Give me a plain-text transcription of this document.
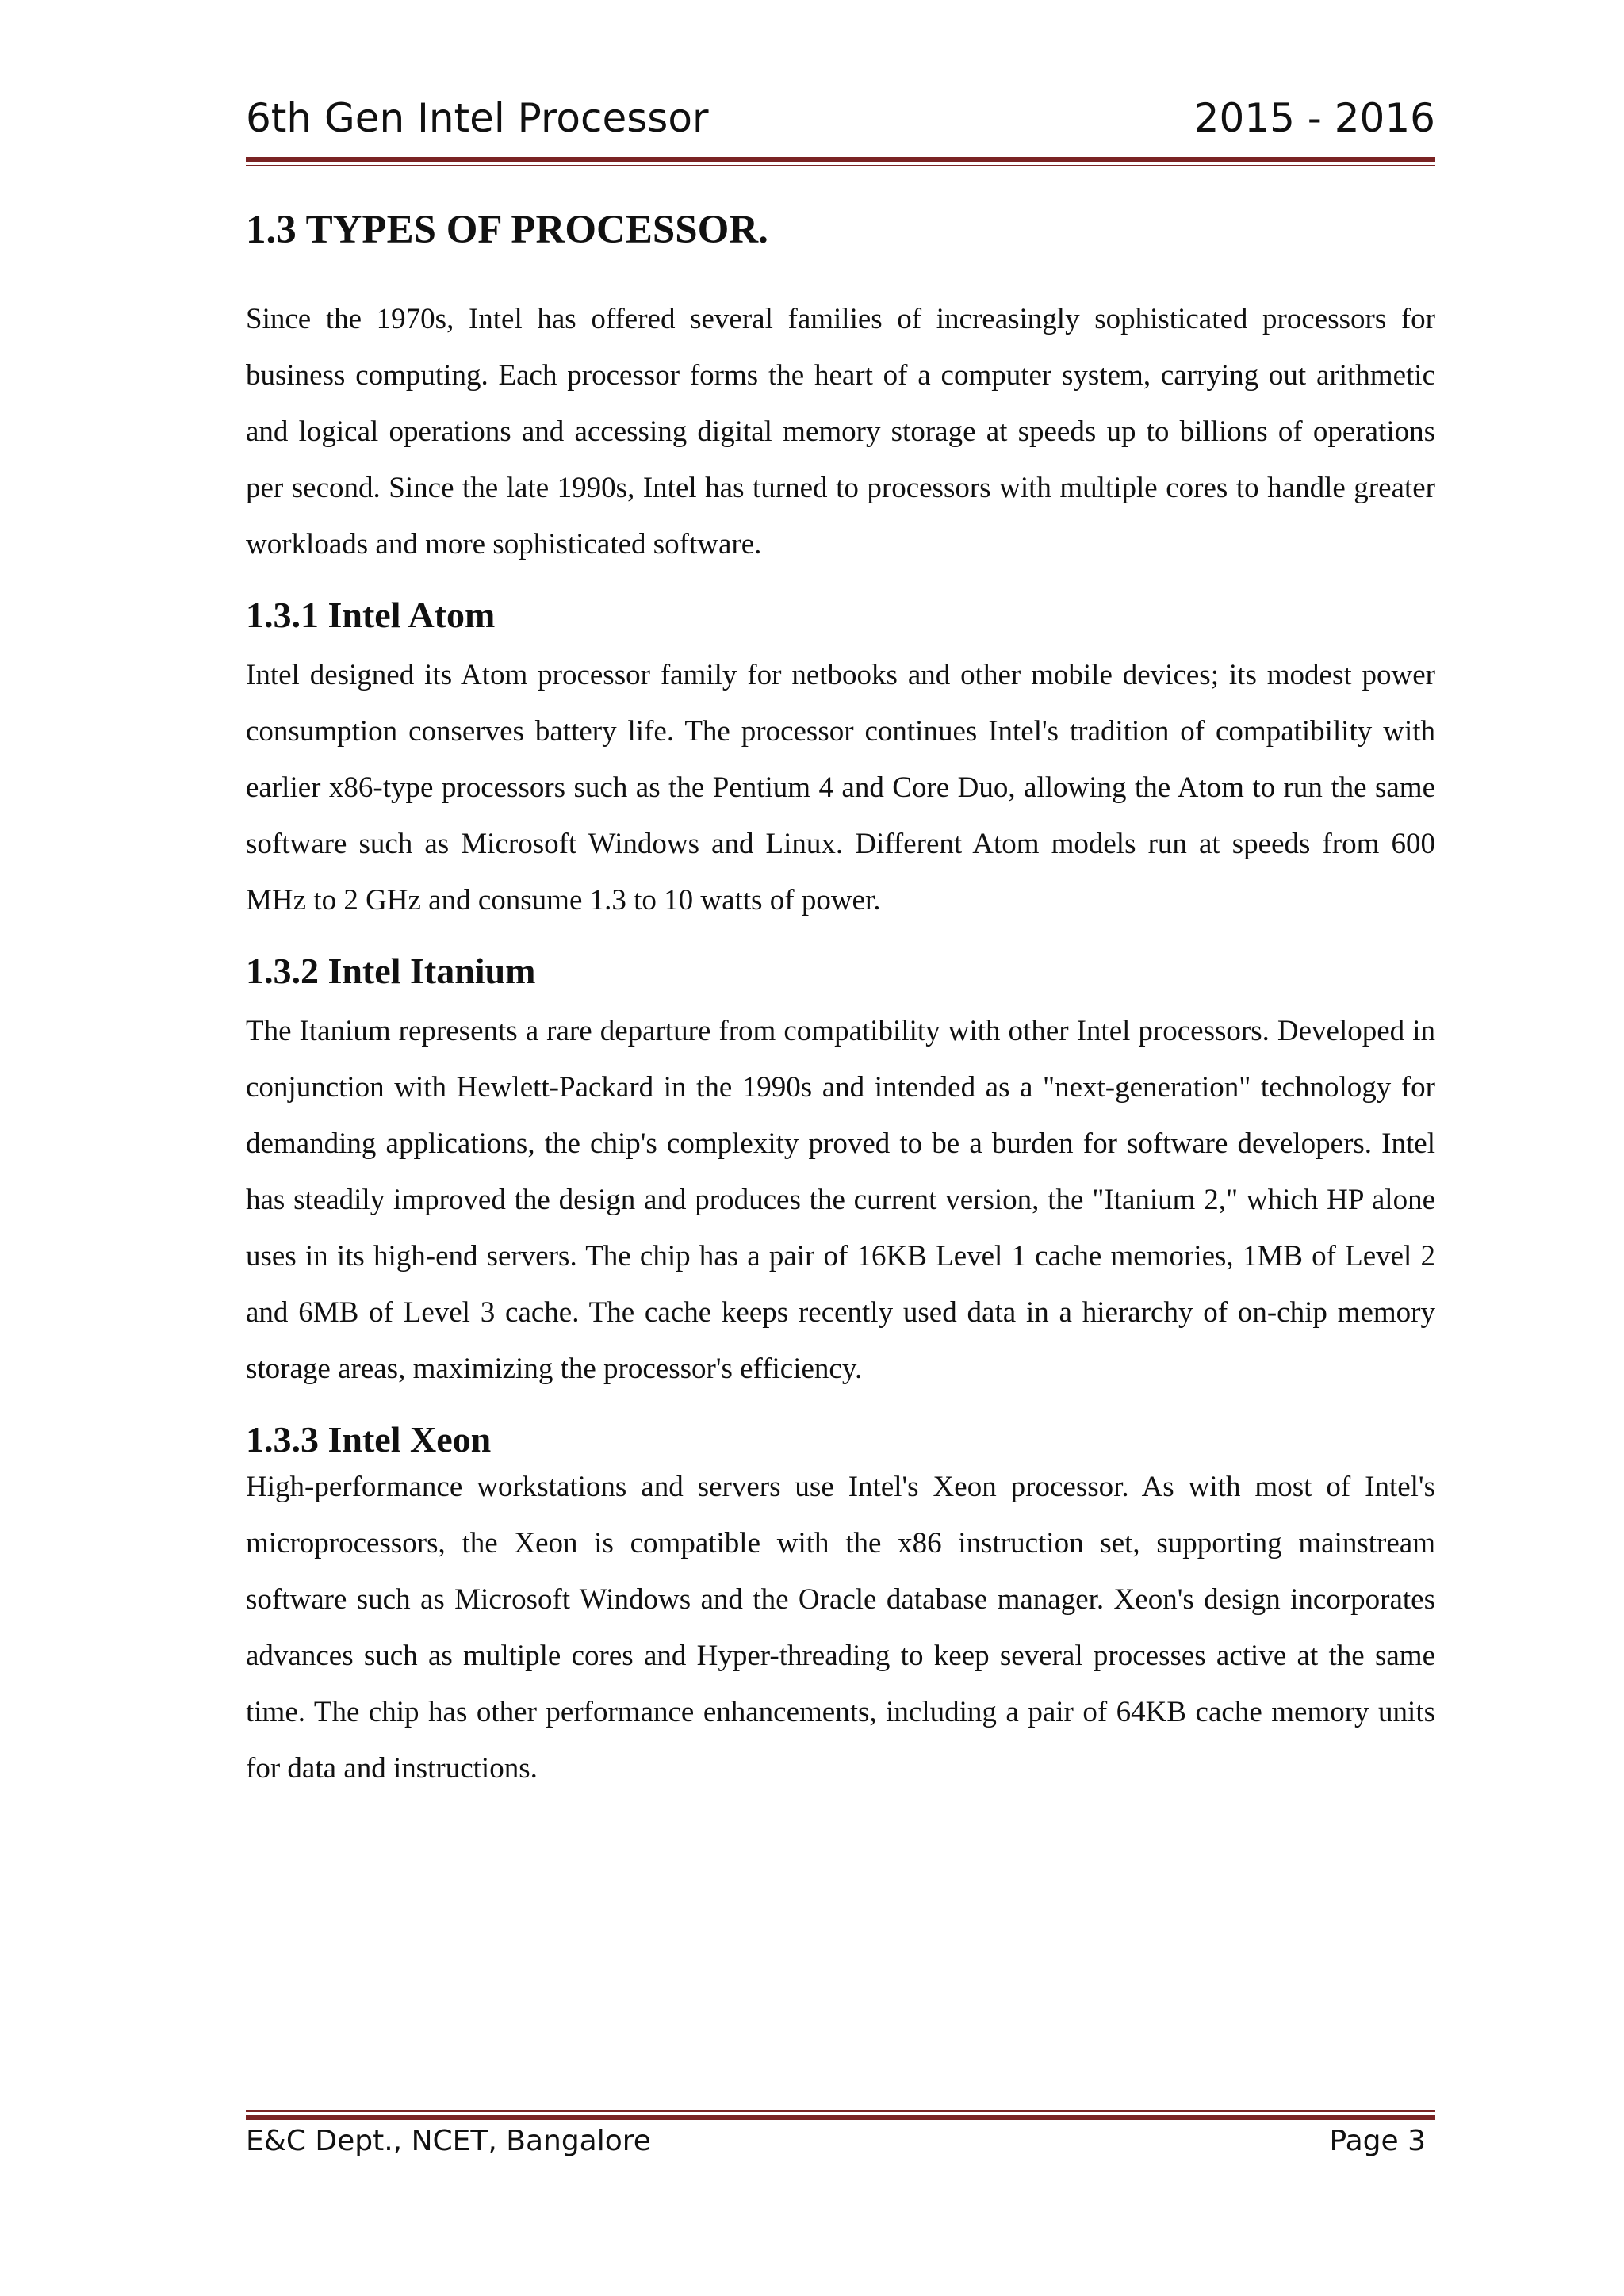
6th Gen Intel Processor	2015 - 2016
1.3 TYPES OF PROCESSOR.

Since the 1970s, Intel has offered several families of increasingly sophisticated processors for business computing. Each processor forms the heart of a computer system, carrying out arithmetic and logical operations and accessing digital memory storage at speeds up to billions of operations per second. Since the late 1990s, Intel has turned to processors with multiple cores to handle greater workloads and more sophisticated software.

1.3.1 Intel Atom

Intel designed its Atom processor family for netbooks and other mobile devices; its modest power consumption conserves battery life. The processor continues Intel's tradition of compatibility with earlier x86-type processors such as the Pentium 4 and Core Duo, allowing the Atom to run the same software such as Microsoft Windows and Linux. Different Atom models run at speeds from 600 MHz to 2 GHz and consume 1.3 to 10 watts of power.

1.3.2 Intel Itanium

The Itanium represents a rare departure from compatibility with other Intel processors. Developed in conjunction with Hewlett-Packard in the 1990s and intended as a "next-generation" technology for demanding applications, the chip's complexity proved to be a burden for software developers. Intel has steadily improved the design and produces the current version, the "Itanium 2," which HP alone uses in its high-end servers. The chip has a pair of 16KB Level 1 cache memories, 1MB of Level 2 and 6MB of Level 3 cache. The cache keeps recently used data in a hierarchy of on-chip memory storage areas, maximizing the processor's efficiency.

1.3.3 Intel Xeon

High-performance workstations and servers use Intel's Xeon processor. As with most of Intel's microprocessors, the Xeon is compatible with the x86 instruction set, supporting mainstream software such as Microsoft Windows and the Oracle database manager. Xeon's design incorporates advances such as multiple cores and Hyper-threading to keep several processes active at the same time. The chip has other performance enhancements, including a pair of 64KB cache memory units for data and instructions.

E&C Dept., NCET, Bangalore	Page 3
